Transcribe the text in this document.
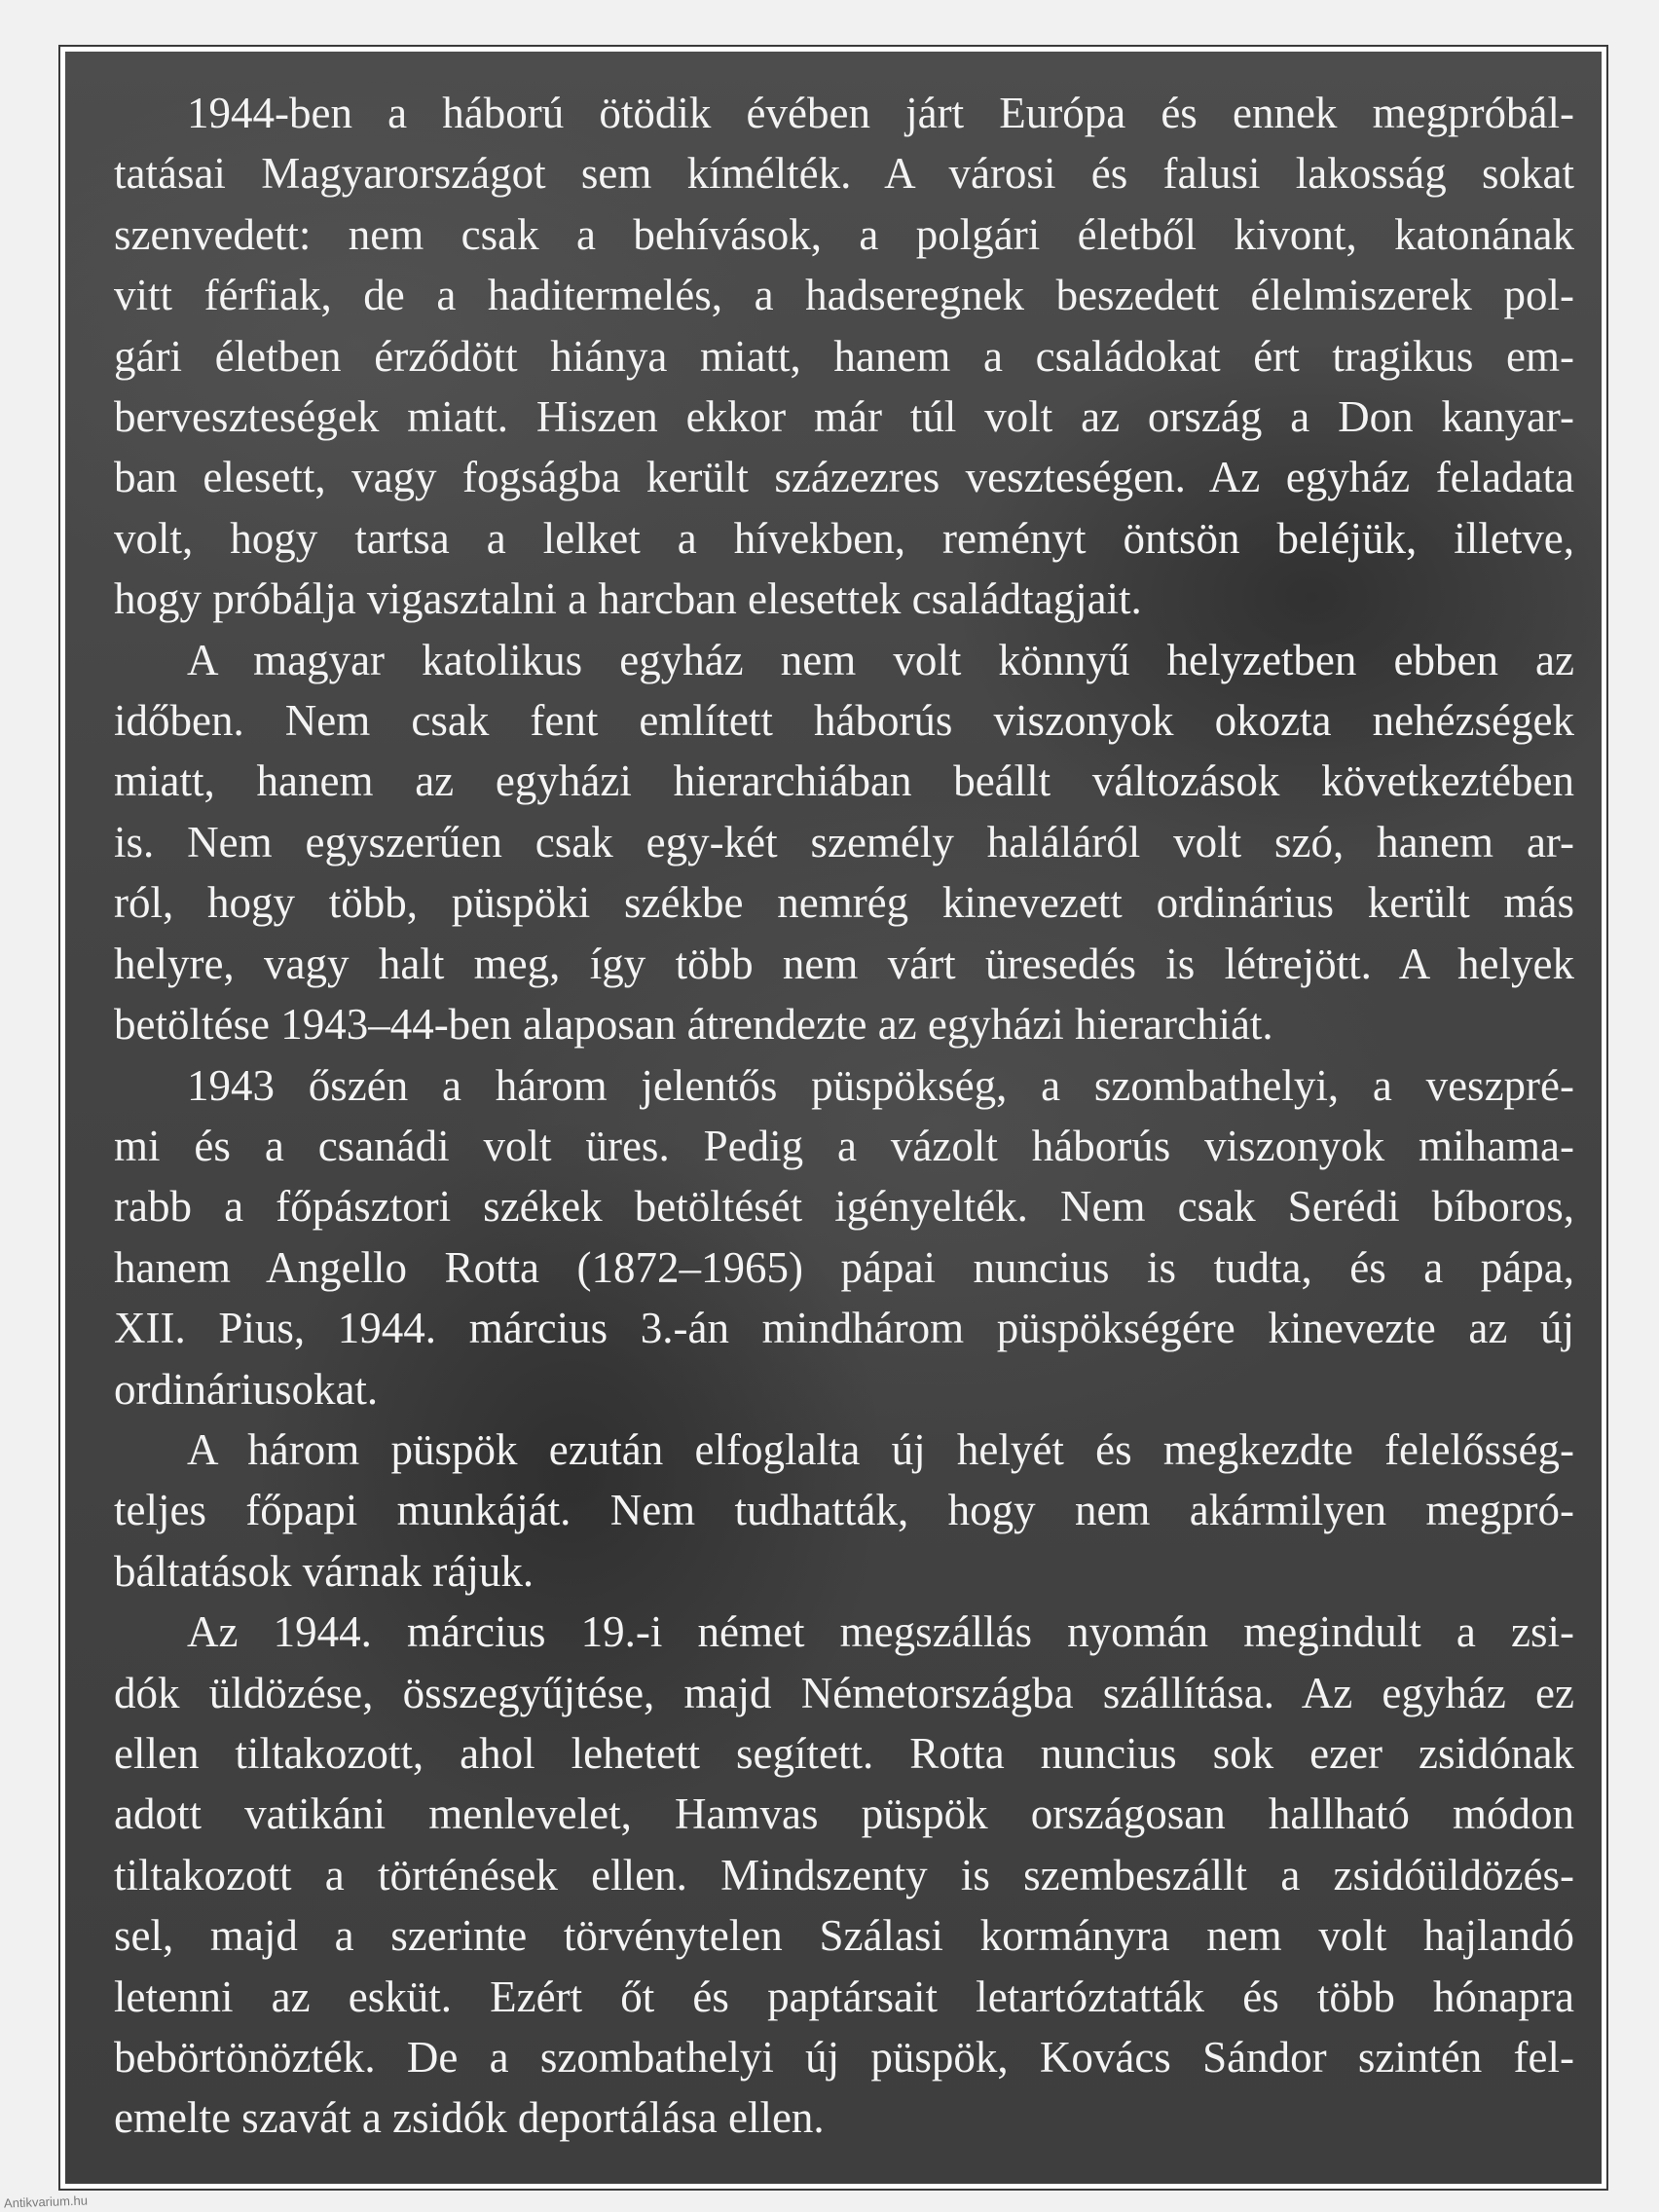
1944-ben a háború ötödik évében járt Európa és ennek megpróbál-
tatásai Magyarországot sem kímélték. A városi és falusi lakosság sokat
szenvedett: nem csak a behívások, a polgári életből kivont, katonának
vitt férfiak, de a haditermelés, a hadseregnek beszedett élelmiszerek pol-
gári életben érződött hiánya miatt, hanem a családokat ért tragikus em-
berveszteségek miatt. Hiszen ekkor már túl volt az ország a Don kanyar-
ban elesett, vagy fogságba került százezres veszteségen. Az egyház feladata
volt, hogy tartsa a lelket a hívekben, reményt öntsön beléjük, illetve,
hogy próbálja vigasztalni a harcban elesettek családtagjait.

A magyar katolikus egyház nem volt könnyű helyzetben ebben az
időben. Nem csak fent említett háborús viszonyok okozta nehézségek
miatt, hanem az egyházi hierarchiában beállt változások következtében
is. Nem egyszerűen csak egy-két személy haláláról volt szó, hanem ar-
ról, hogy több, püspöki székbe nemrég kinevezett ordinárius került más
helyre, vagy halt meg, így több nem várt üresedés is létrejött. A helyek
betöltése 1943–44-ben alaposan átrendezte az egyházi hierarchiát.

1943 őszén a három jelentős püspökség, a szombathelyi, a veszpré-
mi és a csanádi volt üres. Pedig a vázolt háborús viszonyok mihama-
rabb a főpásztori székek betöltését igényelték. Nem csak Serédi bíboros,
hanem Angello Rotta (1872–1965) pápai nuncius is tudta, és a pápa,
XII. Pius, 1944. március 3.-án mindhárom püspökségére kinevezte az új
ordináriusokat.

A három püspök ezután elfoglalta új helyét és megkezdte felelősség-
teljes főpapi munkáját. Nem tudhatták, hogy nem akármilyen megpró-
báltatások várnak rájuk.

Az 1944. március 19.-i német megszállás nyomán megindult a zsi-
dók üldözése, összegyűjtése, majd Németországba szállítása. Az egyház ez
ellen tiltakozott, ahol lehetett segített. Rotta nuncius sok ezer zsidónak
adott vatikáni menlevelet, Hamvas püspök országosan hallható módon
tiltakozott a történések ellen. Mindszenty is szembeszállt a zsidóüldözés-
sel, majd a szerinte törvénytelen Szálasi kormányra nem volt hajlandó
letenni az esküt. Ezért őt és paptársait letartóztatták és több hónapra
bebörtönözték. De a szombathelyi új püspök, Kovács Sándor szintén fel-
emelte szavát a zsidók deportálása ellen.

Antikvarium.hu
